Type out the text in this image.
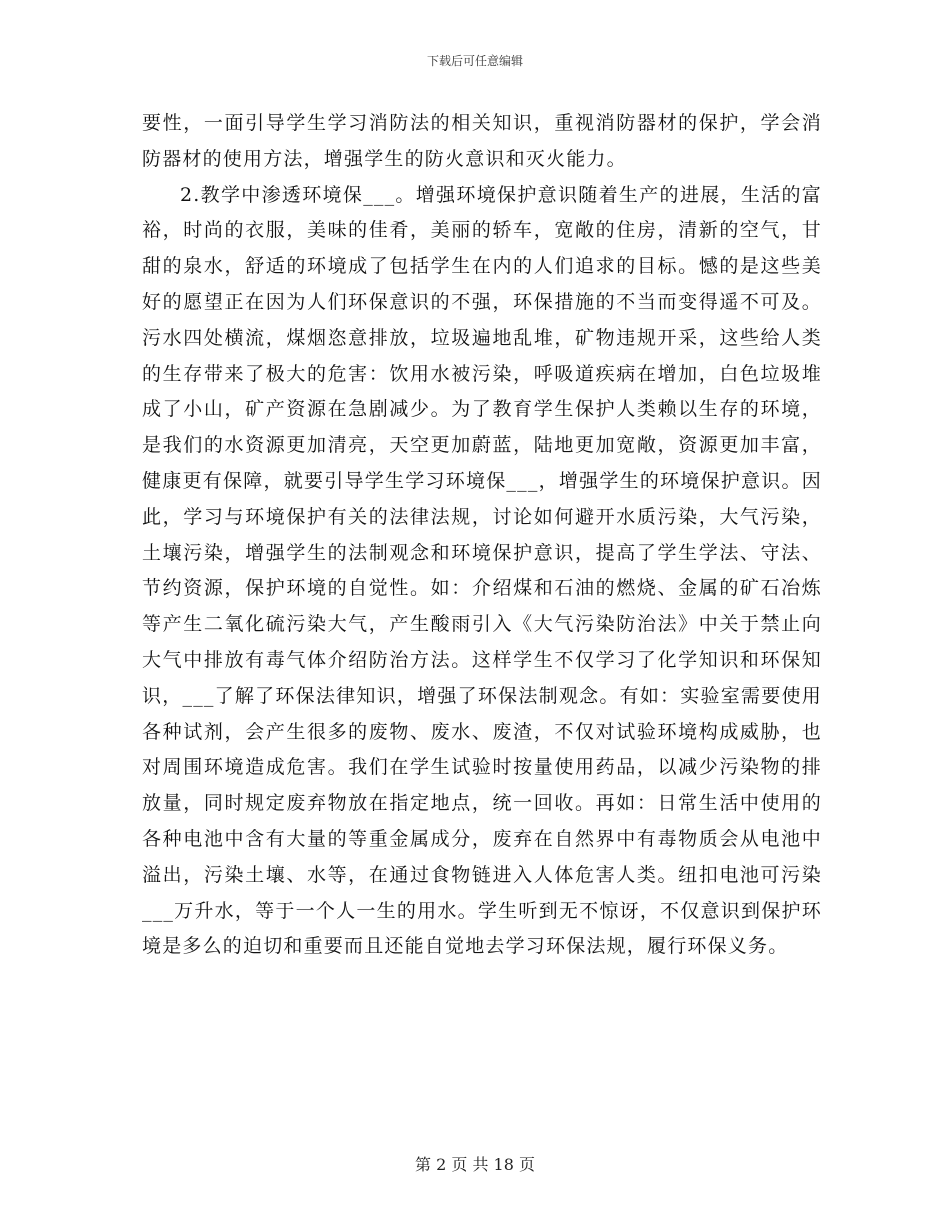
下载后可任意编辑

要性，一面引导学生学习消防法的相关知识，重视消防器材的保护，学会消防器材的使用方法，增强学生的防火意识和灭火能力。

2.教学中渗透环境保___。增强环境保护意识随着生产的进展，生活的富裕，时尚的衣服，美味的佳肴，美丽的轿车，宽敞的住房，清新的空气，甘甜的泉水，舒适的环境成了包括学生在内的人们追求的目标。憾的是这些美好的愿望正在因为人们环保意识的不强，环保措施的不当而变得遥不可及。污水四处横流，煤烟恣意排放，垃圾遍地乱堆，矿物违规开采，这些给人类的生存带来了极大的危害：饮用水被污染，呼吸道疾病在增加，白色垃圾堆成了小山，矿产资源在急剧减少。为了教育学生保护人类赖以生存的环境，是我们的水资源更加清亮，天空更加蔚蓝，陆地更加宽敞，资源更加丰富，健康更有保障，就要引导学生学习环境保___，增强学生的环境保护意识。因此，学习与环境保护有关的法律法规，讨论如何避开水质污染，大气污染，土壤污染，增强学生的法制观念和环境保护意识，提高了学生学法、守法、节约资源，保护环境的自觉性。如：介绍煤和石油的燃烧、金属的矿石冶炼等产生二氧化硫污染大气，产生酸雨引入《大气污染防治法》中关于禁止向大气中排放有毒气体介绍防治方法。这样学生不仅学习了化学知识和环保知识，___了解了环保法律知识，增强了环保法制观念。有如：实验室需要使用各种试剂，会产生很多的废物、废水、废渣，不仅对试验环境构成威胁，也对周围环境造成危害。我们在学生试验时按量使用药品，以减少污染物的排放量，同时规定废弃物放在指定地点，统一回收。再如：日常生活中使用的各种电池中含有大量的等重金属成分，废弃在自然界中有毒物质会从电池中溢出，污染土壤、水等，在通过食物链进入人体危害人类。纽扣电池可污染___万升水，等于一个人一生的用水。学生听到无不惊讶，不仅意识到保护环境是多么的迫切和重要而且还能自觉地去学习环保法规，履行环保义务。

第 2 页 共 18 页
